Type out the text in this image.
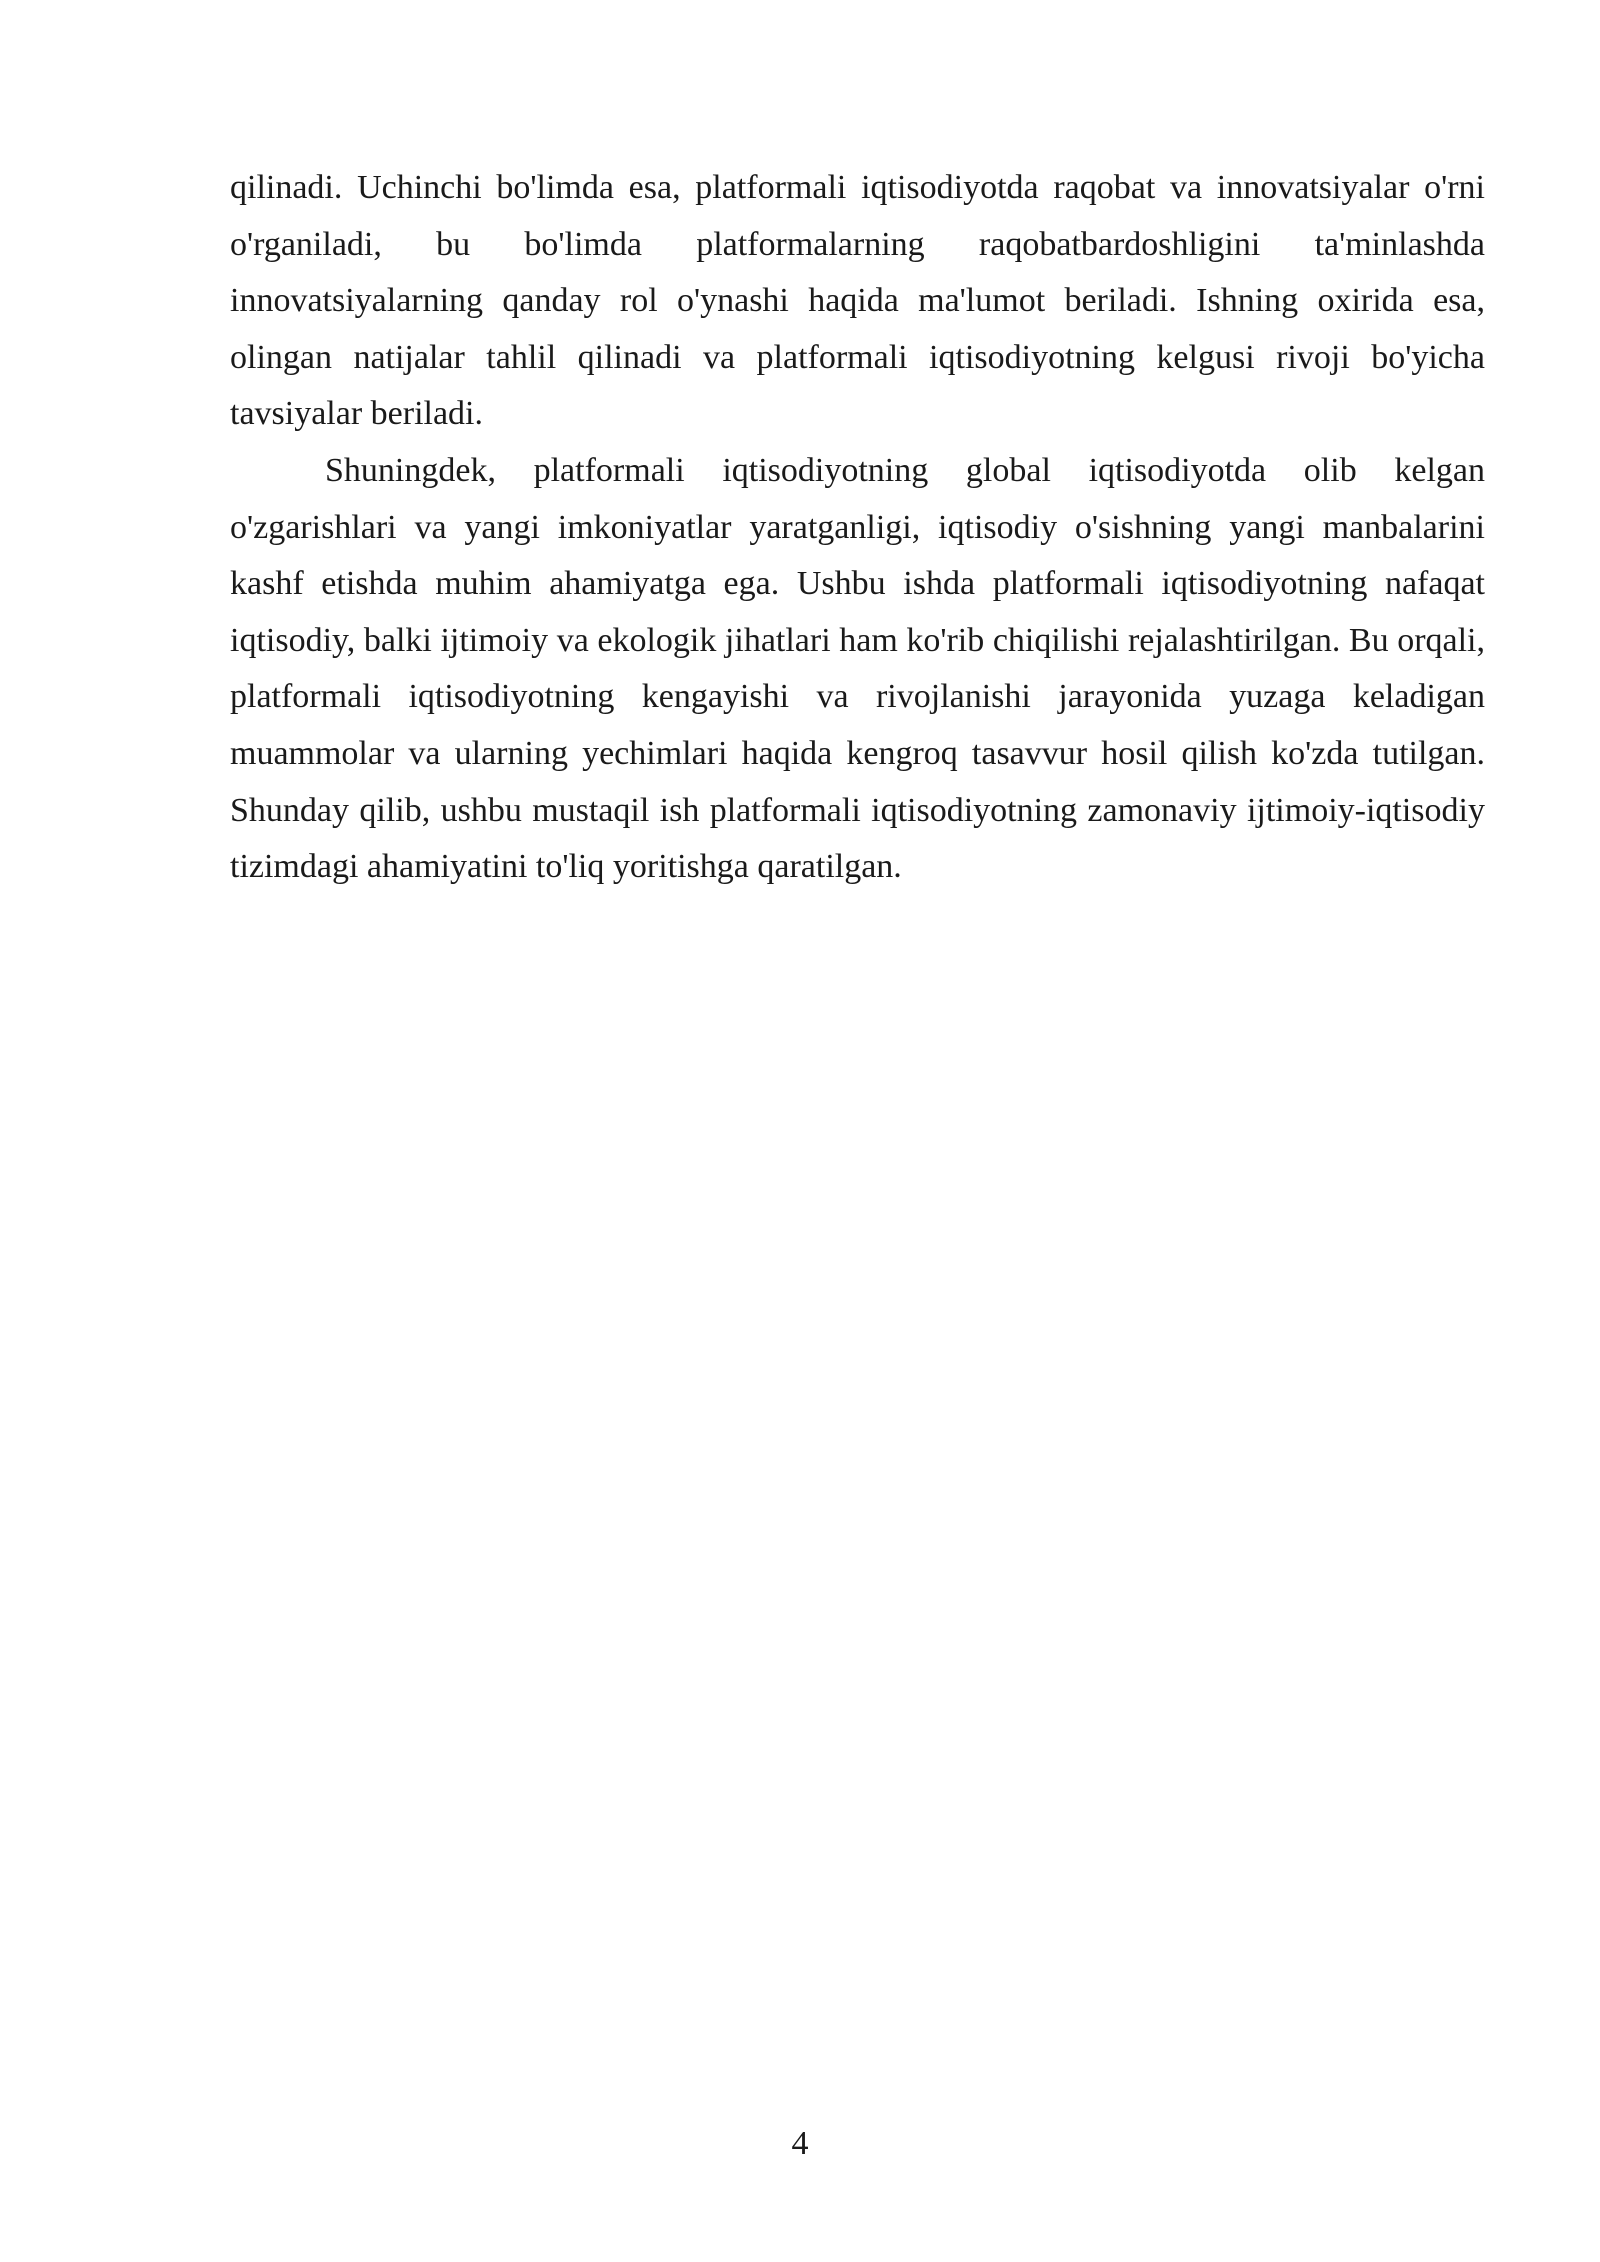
qilinadi. Uchinchi bo'limda esa, platformali iqtisodiyotda raqobat va innovatsiyalar o'rni o'rganiladi, bu bo'limda platformalarning raqobatbardoshligini ta'minlashda innovatsiyalarning qanday rol o'ynashi haqida ma'lumot beriladi. Ishning oxirida esa, olingan natijalar tahlil qilinadi va platformali iqtisodiyotning kelgusi rivoji bo'yicha tavsiyalar beriladi.

Shuningdek, platformali iqtisodiyotning global iqtisodiyotda olib kelgan o'zgarishlari va yangi imkoniyatlar yaratganligi, iqtisodiy o'sishning yangi manbalarini kashf etishda muhim ahamiyatga ega. Ushbu ishda platformali iqtisodiyotning nafaqat iqtisodiy, balki ijtimoiy va ekologik jihatlari ham ko'rib chiqilishi rejalashtirilgan. Bu orqali, platformali iqtisodiyotning kengayishi va rivojlanishi jarayonida yuzaga keladigan muammolar va ularning yechimlari haqida kengroq tasavvur hosil qilish ko'zda tutilgan. Shunday qilib, ushbu mustaqil ish platformali iqtisodiyotning zamonaviy ijtimoiy-iqtisodiy tizimdagi ahamiyatini to'liq yoritishga qaratilgan.

4
